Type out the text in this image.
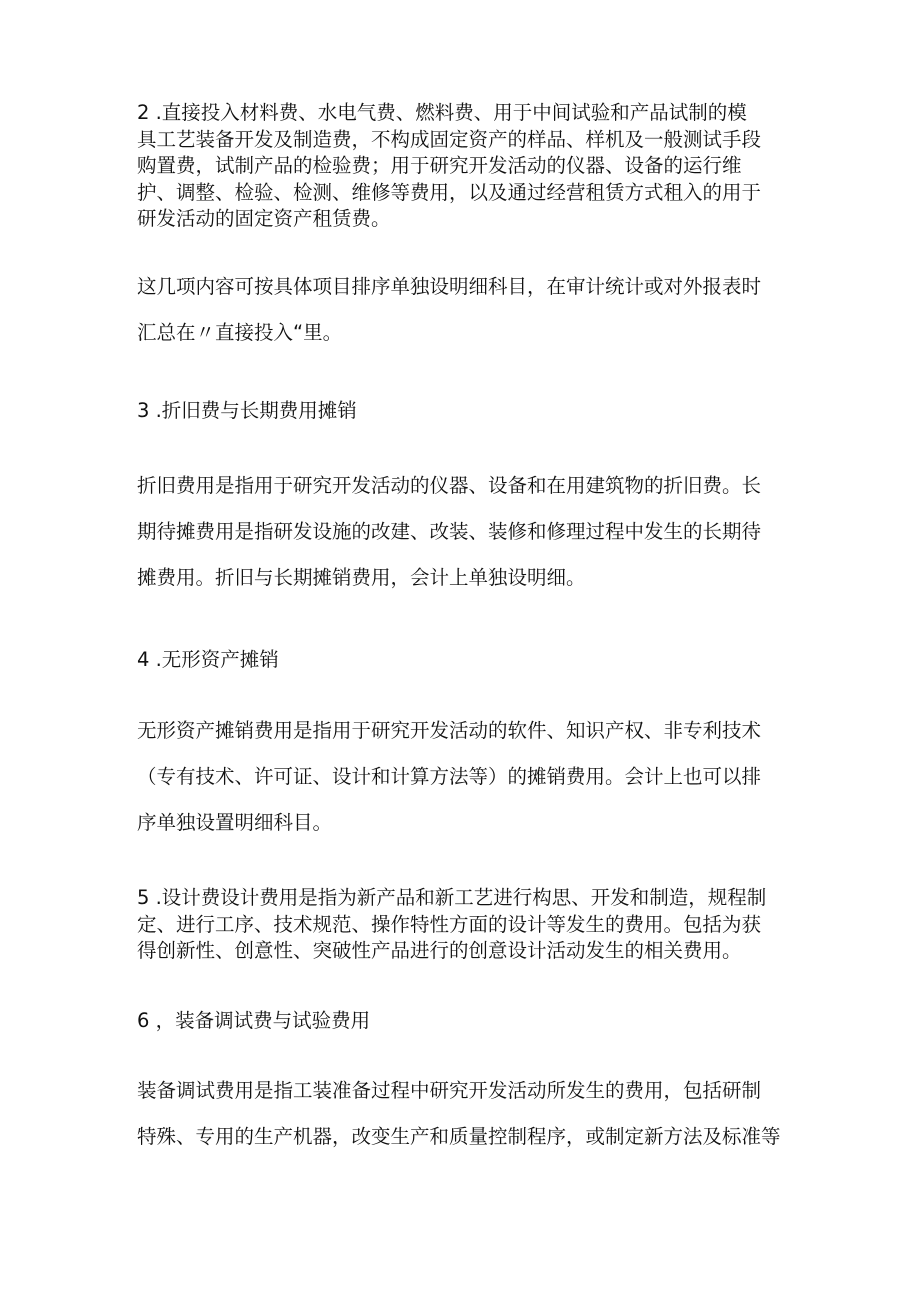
2 .直接投入材料费、水电气费、燃料费、用于中间试验和产品试制的模
具工艺装备开发及制造费，不构成固定资产的样品、样机及一般测试手段
购置费，试制产品的检验费；用于研究开发活动的仪器、设备的运行维
护、调整、检验、检测、维修等费用，以及通过经营租赁方式租入的用于
研发活动的固定资产租赁费。
这几项内容可按具体项目排序单独设明细科目，在审计统计或对外报表时
汇总在〃直接投入“里。
3 .折旧费与长期费用摊销
折旧费用是指用于研究开发活动的仪器、设备和在用建筑物的折旧费。长
期待摊费用是指研发设施的改建、改装、装修和修理过程中发生的长期待
摊费用。折旧与长期摊销费用，会计上单独设明细。
4 .无形资产摊销
无形资产摊销费用是指用于研究开发活动的软件、知识产权、非专利技术
（专有技术、许可证、设计和计算方法等）的摊销费用。会计上也可以排
序单独设置明细科目。
5 .设计费设计费用是指为新产品和新工艺进行构思、开发和制造，规程制
定、进行工序、技术规范、操作特性方面的设计等发生的费用。包括为获
得创新性、创意性、突破性产品进行的创意设计活动发生的相关费用。
6 ，装备调试费与试验费用
装备调试费用是指工装准备过程中研究开发活动所发生的费用，包括研制
特殊、专用的生产机器，改变生产和质量控制程序，或制定新方法及标准等
